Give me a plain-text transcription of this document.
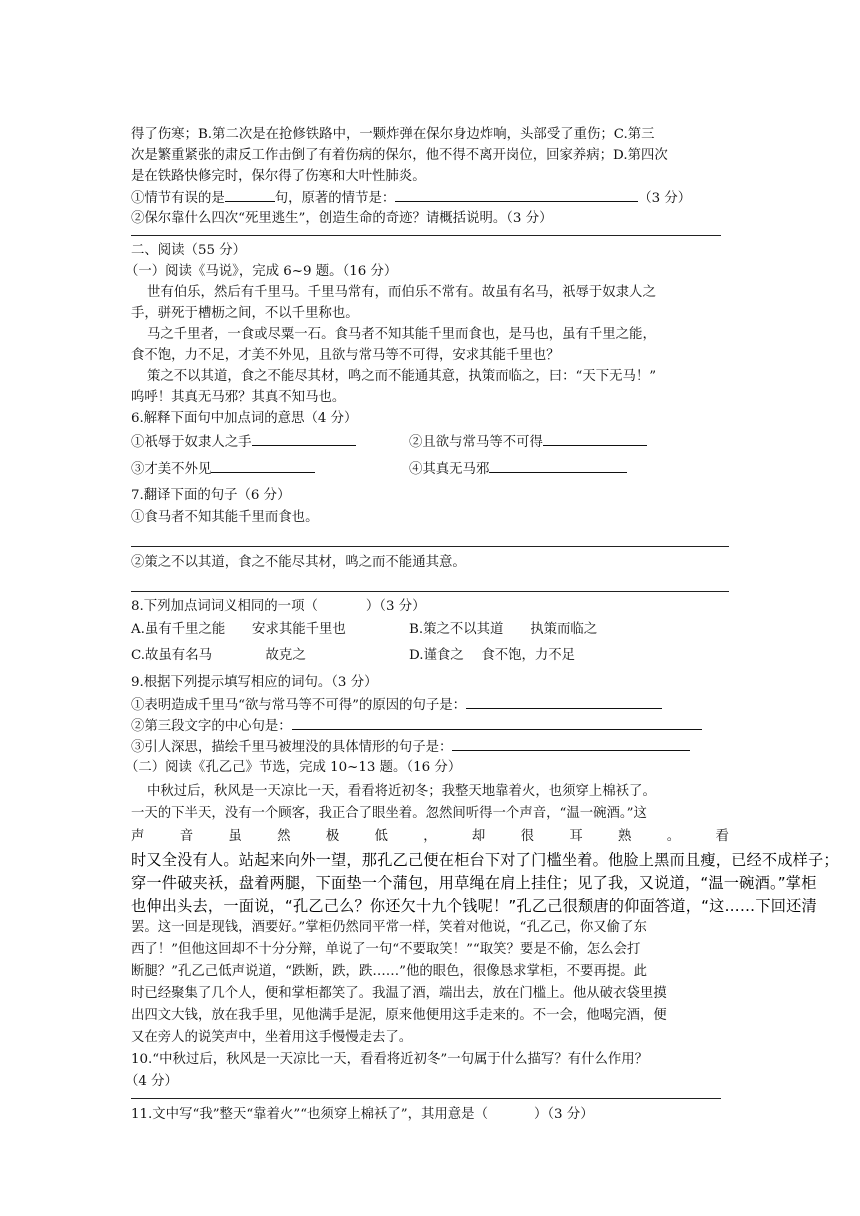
得了伤寒；B.第二次是在抢修铁路中，一颗炸弹在保尔身边炸响，头部受了重伤；C.第三
次是繁重紧张的肃反工作击倒了有着伤病的保尔，他不得不离开岗位，回家养病；D.第四次
是在铁路快修完时，保尔得了伤寒和大叶性肺炎。
①情节有误的是	句，原著的情节是：	（3 分）
②保尔靠什么四次“死里逃生”，创造生命的奇迹？请概括说明。（3 分）
二、阅读（55 分）
（一）阅读《马说》，完成 6~9 题。（16 分）
世有伯乐，然后有千里马。千里马常有，而伯乐不常有。故虽有名马，祇辱于奴隶人之
手，骈死于槽枥之间，不以千里称也。
马之千里者，一食或尽粟一石。食马者不知其能千里而食也，是马也，虽有千里之能，
食不饱，力不足，才美不外见，且欲与常马等不可得，安求其能千里也？
策之不以其道，食之不能尽其材，鸣之而不能通其意，执策而临之，曰：“天下无马！”
呜呼！其真无马邪？其真不知马也。
6.解释下面句中加点词的意思（4 分）
①祇辱于奴隶人之手	②且欲与常马等不可得
③才美不外见	④其真无马邪
7.翻译下面的句子（6 分）
①食马者不知其能千里而食也。
②策之不以其道，食之不能尽其材，鸣之而不能通其意。
8.下列加点词词义相同的一项（	）（3 分）
A.虽有千里之能　　安求其能千里也	B.策之不以其道　　执策而临之
C.故虽有名马　　　　故克之	D.谨食之　 食不饱，力不足
9.根据下列提示填写相应的词句。（3 分）
①表明造成千里马“欲与常马等不可得”的原因的句子是：
②第三段文字的中心句是：
③引人深思，描绘千里马被埋没的具体情形的句子是：
（二）阅读《孔乙己》节选，完成 10~13 题。（16 分）
中秋过后，秋风是一天凉比一天，看看将近初冬；我整天地靠着火，也须穿上棉袄了。
一天的下半天，没有一个顾客，我正合了眼坐着。忽然间听得一个声音，“温一碗酒。”这
声	音	虽	然	极	低	，	却	很	耳	熟	。	看
时又全没有人。站起来向外一望，那孔乙己便在柜台下对了门槛坐着。他脸上黑而且瘦，已经不成样子；
穿一件破夹袄，盘着两腿，下面垫一个蒲包，用草绳在肩上挂住；见了我，又说道，“温一碗酒。”掌柜
也伸出头去，一面说，“孔乙己么？你还欠十九个钱呢！”孔乙己很颓唐的仰面答道，“这……下回还清
罢。这一回是现钱，酒要好。”掌柜仍然同平常一样，笑着对他说，“孔乙己，你又偷了东
西了！”但他这回却不十分分辩，单说了一句“不要取笑！”“取笑？要是不偷，怎么会打
断腿？”孔乙己低声说道，“跌断，跌，跌……”他的眼色，很像恳求掌柜，不要再提。此
时已经聚集了几个人，便和掌柜都笑了。我温了酒，端出去，放在门槛上。他从破衣袋里摸
出四文大钱，放在我手里，见他满手是泥，原来他便用这手走来的。不一会，他喝完酒，便
又在旁人的说笑声中，坐着用这手慢慢走去了。
10.“中秋过后，秋风是一天凉比一天，看看将近初冬”一句属于什么描写？有什么作用？
（4 分）
11.文中写“我”整天“靠着火”“也须穿上棉袄了”，其用意是（	）（3 分）
